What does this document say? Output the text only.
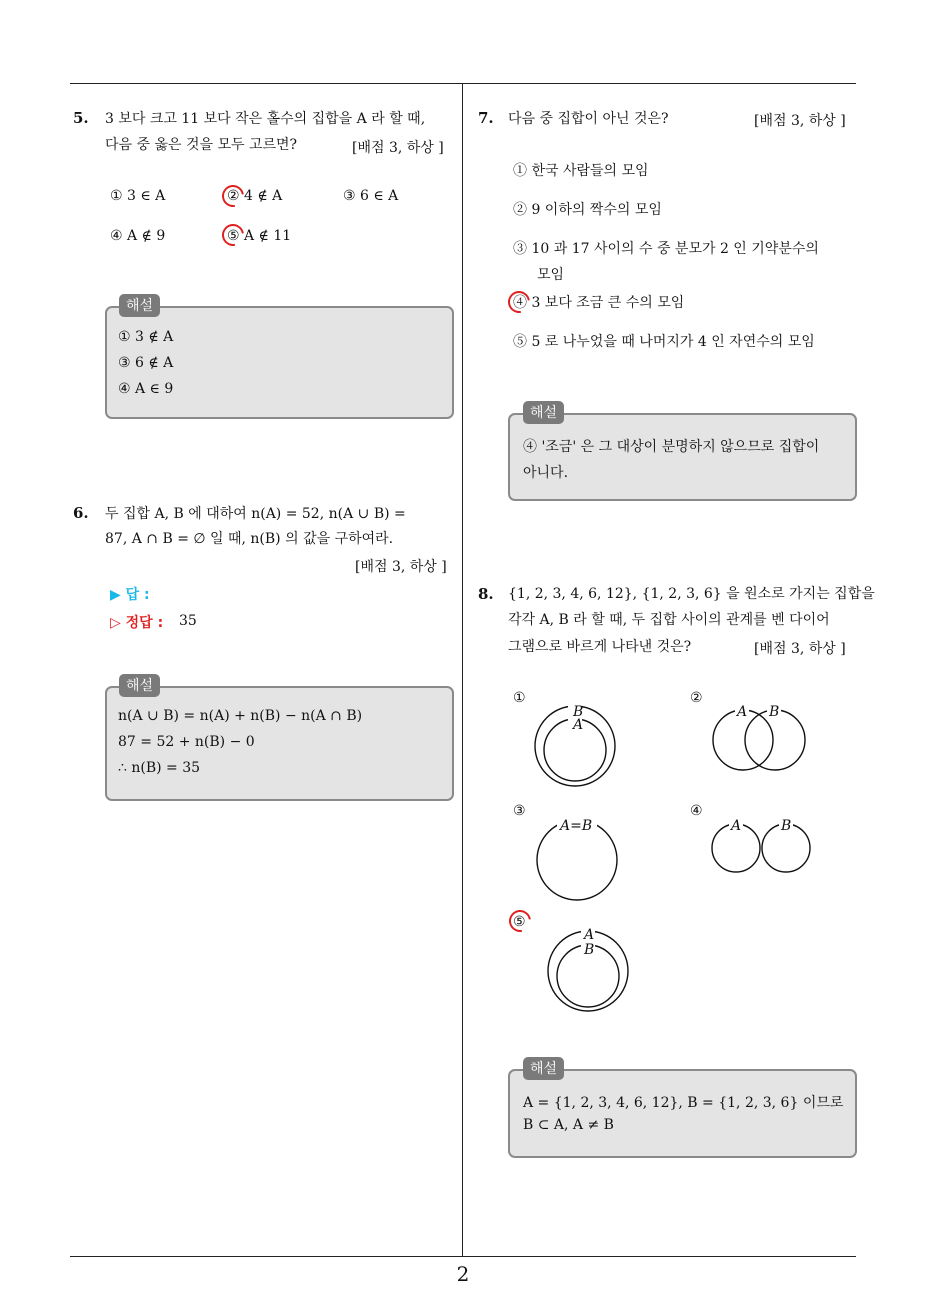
5. 3 보다 크고 11 보다 작은 홀수의 집합을 A 라 할 때,
다음 중 옳은 것을 모두 고르면?	[배점 3, 하상 ]
① 3 ∈ A	② 4 ∉ A	③ 6 ∈ A
④ A ∉ 9	⑤ A ∉ 11
① 3 ∉ A
③ 6 ∉ A
④ A ∈ 9
해설
6. 두 집합 A, B 에 대하여 n(A) = 52, n(A ∪ B) =
87, A ∩ B = ∅ 일 때, n(B) 의 값을 구하여라.
[배점 3, 하상 ]
▶ 답 :
▷ 정답 : 35
n(A ∪ B) = n(A) + n(B) − n(A ∩ B)
87 = 52 + n(B) − 0
∴ n(B) = 35
해설
7. 다음 중 집합이 아닌 것은?	[배점 3, 하상 ]
① 한국 사람들의 모임
② 9 이하의 짝수의 모임
③ 10 과 17 사이의 수 중 분모가 2 인 기약분수의
모임
④ 3 보다 조금 큰 수의 모임
⑤ 5 로 나누었을 때 나머지가 4 인 자연수의 모임
④ '조금' 은 그 대상이 분명하지 않으므로 집합이
아니다.
해설
8. {1, 2, 3, 4, 6, 12}, {1, 2, 3, 6} 을 원소로 가지는 집합을
각각 A, B 라 할 때, 두 집합 사이의 관계를 벤 다이어
그램으로 바르게 나타낸 것은?	[배점 3, 하상 ]
①
B
A
②
A B
③
A=B
④
A	B
⑤
A
B
A = {1, 2, 3, 4, 6, 12}, B = {1, 2, 3, 6} 이므로
B ⊂ A, A ≠ B
해설
2
